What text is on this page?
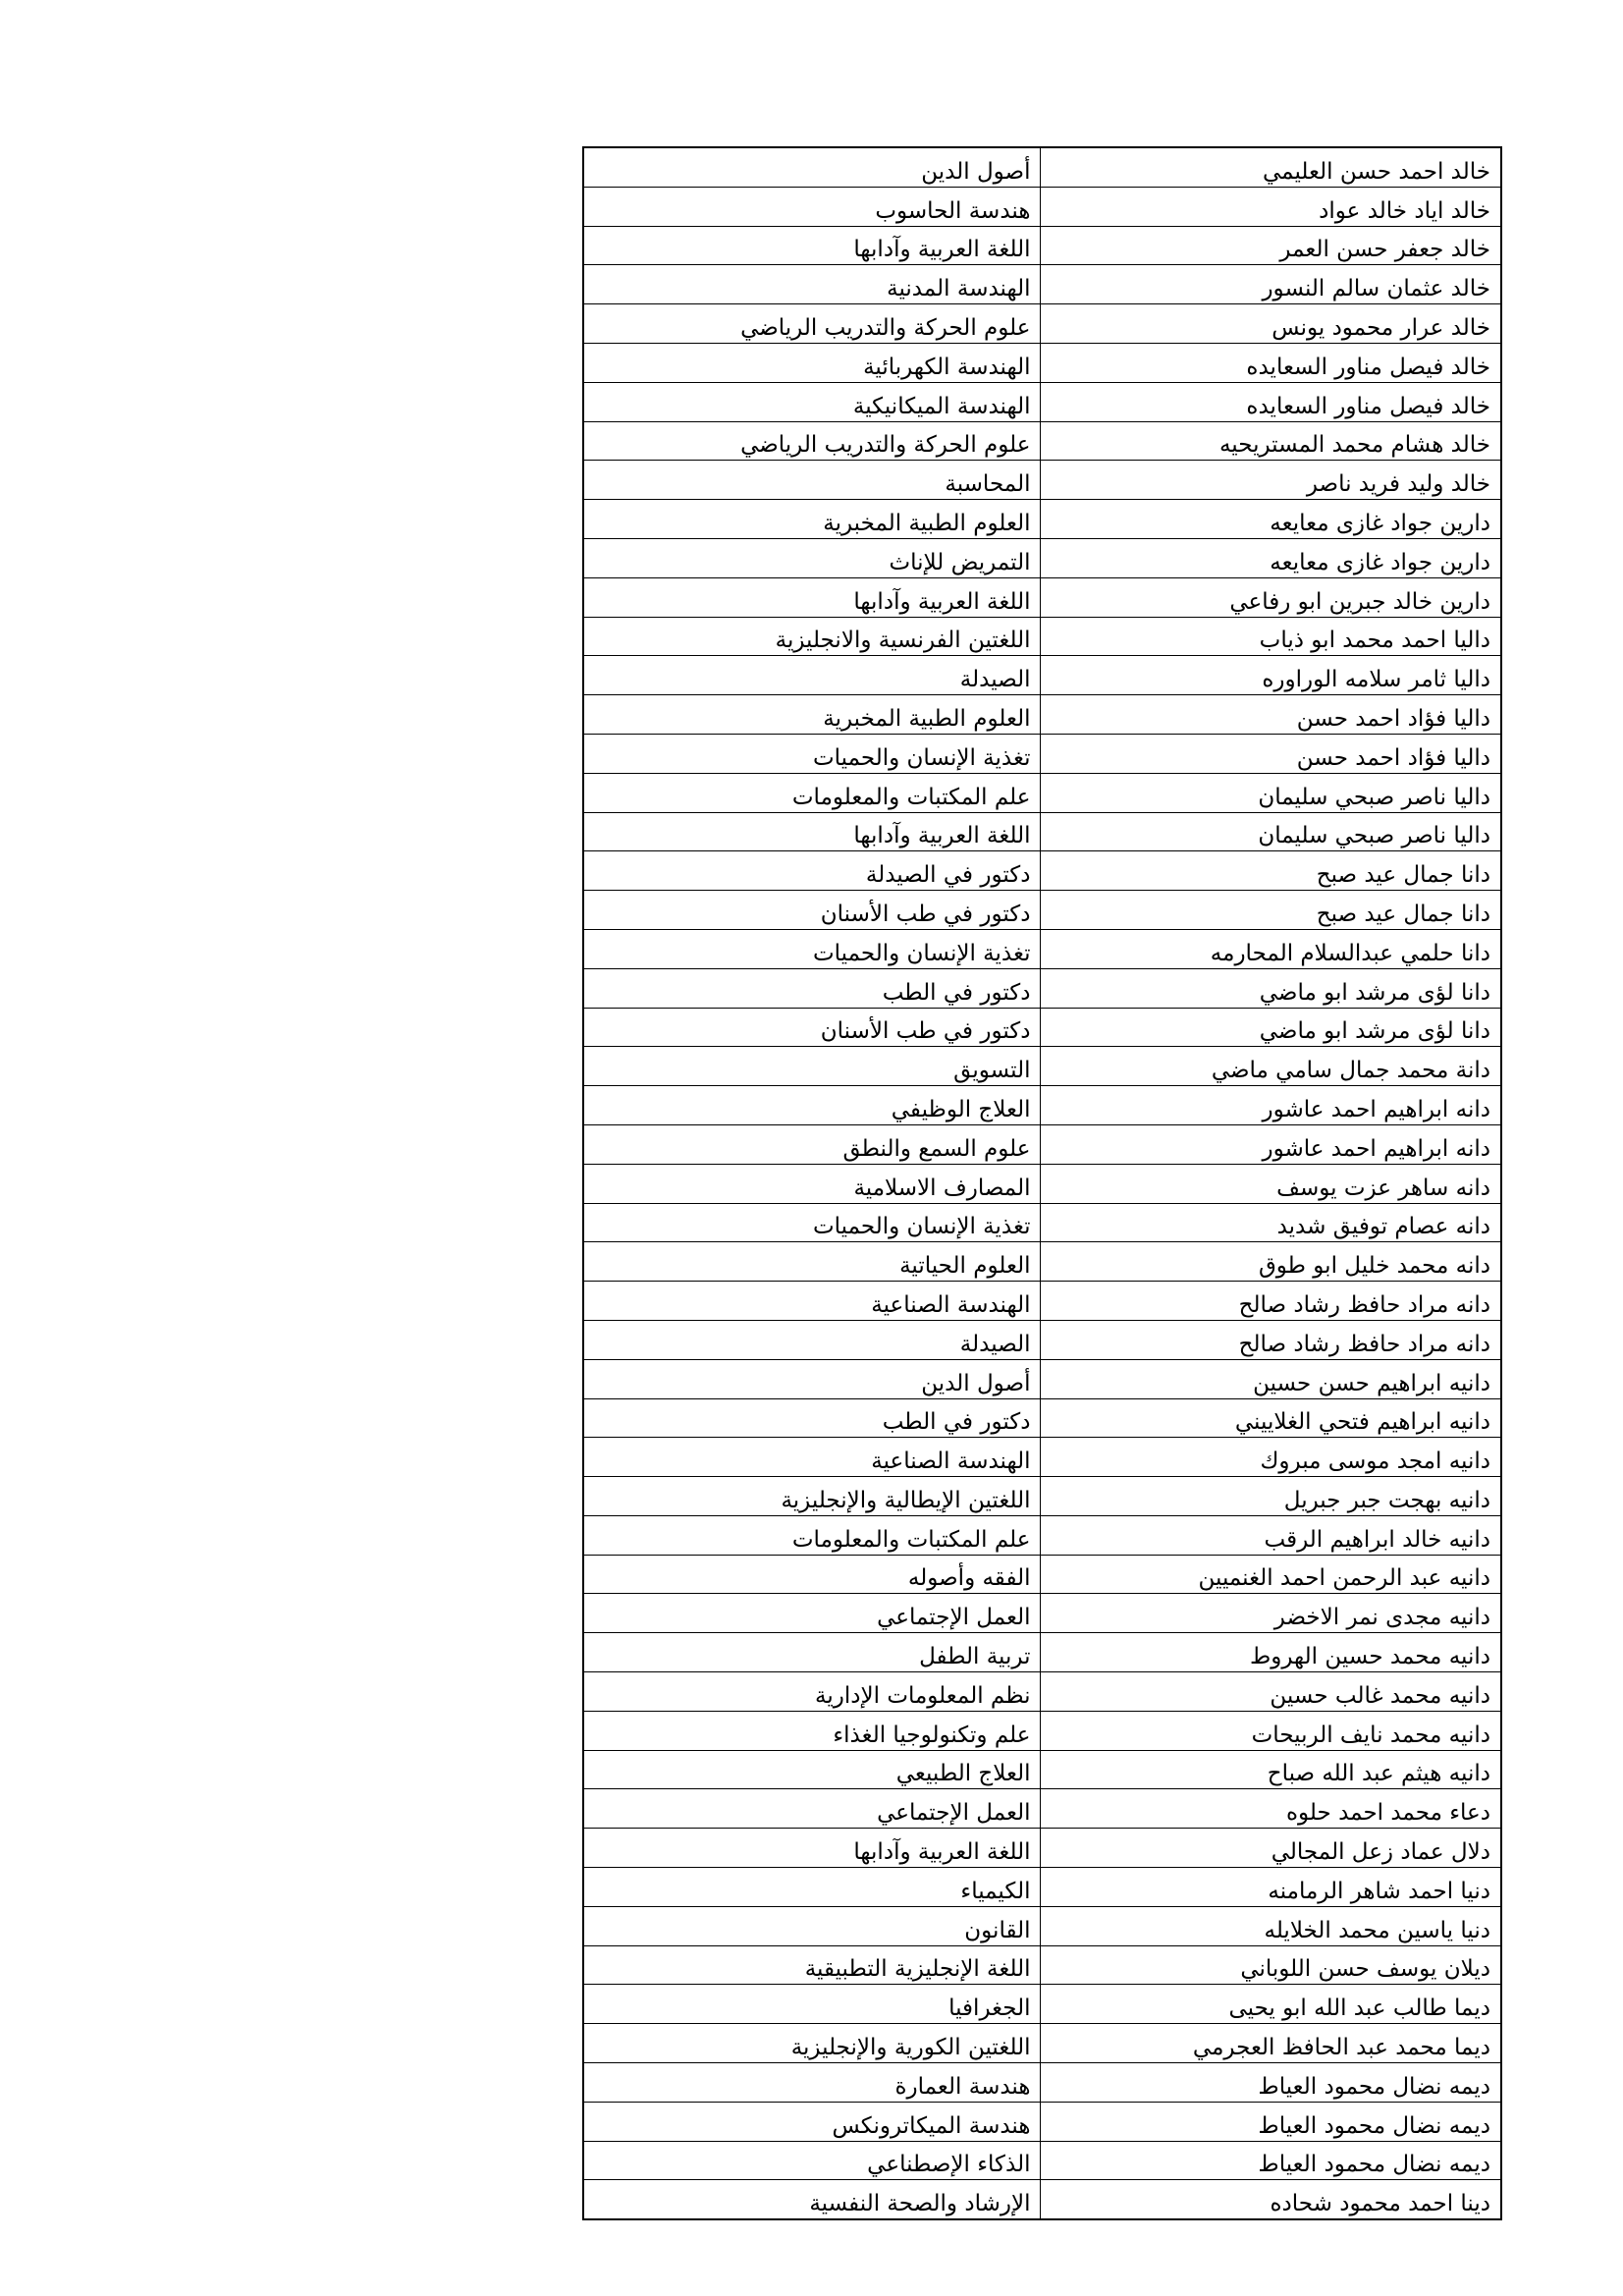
خالد احمد حسن العليمي	أصول الدين
خالد اياد خالد عواد	هندسة الحاسوب
خالد جعفر حسن العمر	اللغة العربية وآدابها
خالد عثمان سالم النسور	الهندسة المدنية
خالد عرار محمود يونس	علوم الحركة والتدريب الرياضي
خالد فيصل مناور السعايده	الهندسة الكهربائية
خالد فيصل مناور السعايده	الهندسة الميكانيكية
خالد هشام محمد المستريحيه	علوم الحركة والتدريب الرياضي
خالد وليد فريد ناصر	المحاسبة
دارين جواد غازى معايعه	العلوم الطبية المخبرية
دارين جواد غازى معايعه	التمريض للإناث
دارين خالد جبرين ابو رفاعي	اللغة العربية وآدابها
داليا احمد محمد ابو ذياب	اللغتين الفرنسية والانجليزية
داليا ثامر سلامه الوراوره	الصيدلة
داليا فؤاد احمد حسن	العلوم الطبية المخبرية
داليا فؤاد احمد حسن	تغذية الإنسان والحميات
داليا ناصر صبحي سليمان	علم المكتبات والمعلومات
داليا ناصر صبحي سليمان	اللغة العربية وآدابها
دانا جمال عيد صبح	دكتور في الصيدلة
دانا جمال عيد صبح	دكتور في طب الأسنان
دانا حلمي عبدالسلام المحارمه	تغذية الإنسان والحميات
دانا لؤى مرشد ابو ماضي	دكتور في الطب
دانا لؤى مرشد ابو ماضي	دكتور في طب الأسنان
دانة محمد جمال سامي ماضي	التسويق
دانه ابراهيم احمد عاشور	العلاج الوظيفي
دانه ابراهيم احمد عاشور	علوم السمع والنطق
دانه ساهر عزت يوسف	المصارف الاسلامية
دانه عصام توفيق شديد	تغذية الإنسان والحميات
دانه محمد خليل ابو طوق	العلوم الحياتية
دانه مراد حافظ رشاد صالح	الهندسة الصناعية
دانه مراد حافظ رشاد صالح	الصيدلة
دانيه ابراهيم حسن حسين	أصول الدين
دانيه ابراهيم فتحي الغلاييني	دكتور في الطب
دانيه امجد موسى مبروك	الهندسة الصناعية
دانيه بهجت جبر جبريل	اللغتين الإيطالية والإنجليزية
دانيه خالد ابراهيم الرقب	علم المكتبات والمعلومات
دانيه عبد الرحمن احمد الغنميين	الفقه وأصوله
دانيه مجدى نمر الاخضر	العمل الإجتماعي
دانيه محمد حسين الهروط	تربية الطفل
دانيه محمد غالب حسين	نظم المعلومات الإدارية
دانيه محمد نايف الربيحات	علم وتكنولوجيا الغذاء
دانيه هيثم عبد الله صباح	العلاج الطبيعي
دعاء محمد احمد حلوه	العمل الإجتماعي
دلال عماد زعل المجالي	اللغة العربية وآدابها
دنيا احمد شاهر الرمامنه	الكيمياء
دنيا ياسين محمد الخلايله	القانون
ديلان يوسف حسن اللوباني	اللغة الإنجليزية التطبيقية
ديما طالب عبد الله ابو يحيى	الجغرافيا
ديما محمد عبد الحافظ العجرمي	اللغتين الكورية والإنجليزية
ديمه نضال محمود العياط	هندسة العمارة
ديمه نضال محمود العياط	هندسة الميكاترونكس
ديمه نضال محمود العياط	الذكاء الإصطناعي
دينا احمد محمود شحاده	الإرشاد والصحة النفسية
